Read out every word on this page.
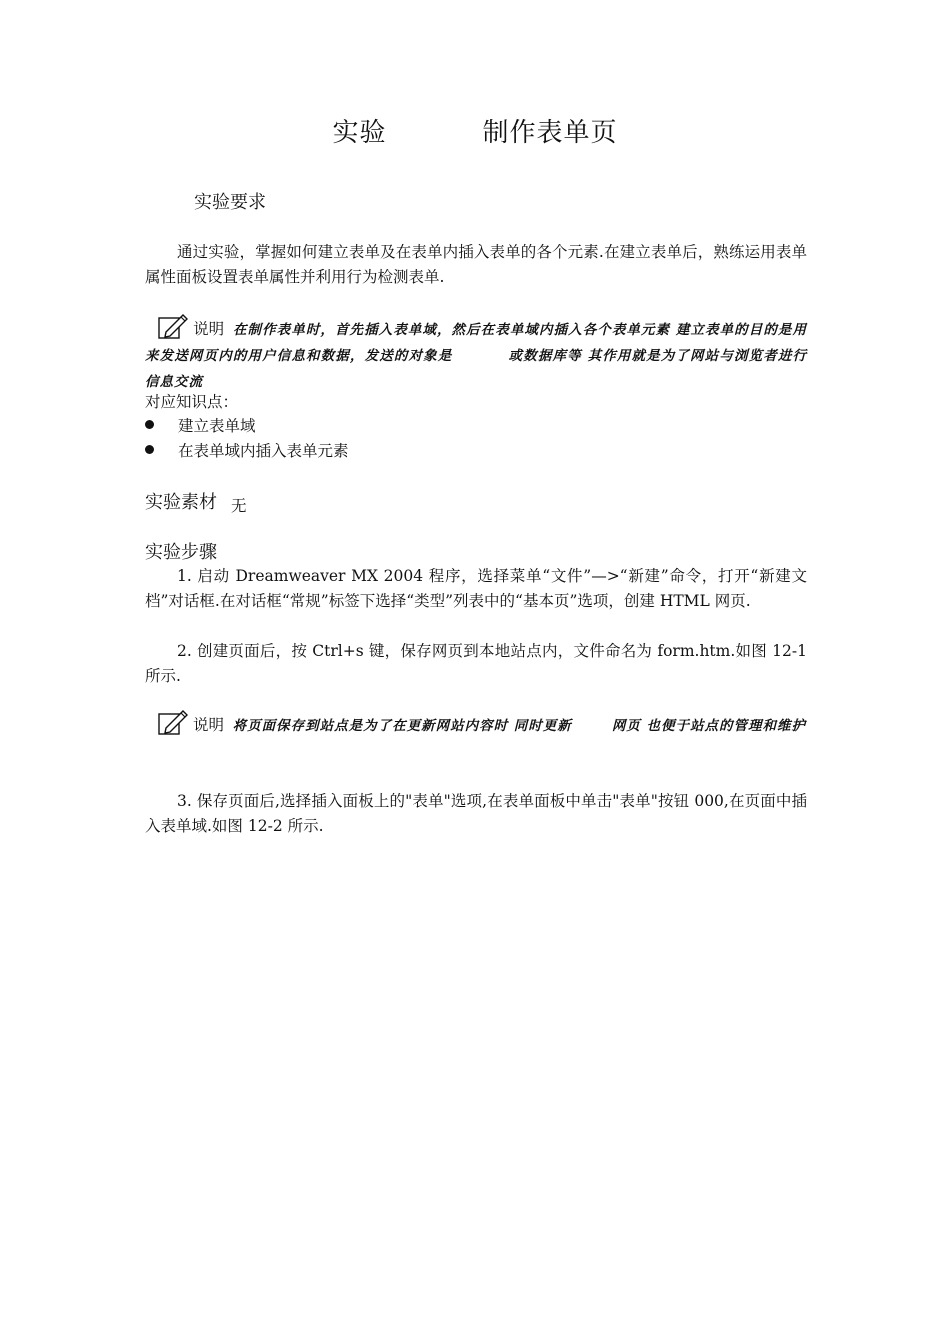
实验	制作表单页
实验要求
通过实验，掌握如何建立表单及在表单内插入表单的各个元素.在建立表单后，熟练运用表单属性面板设置表单属性并利用行为检测表单.
说明 在制作表单时，首先插入表单域，然后在表单域内插入各个表单元素 建立表单的目的是用来发送网页内的用户信息和数据，发送的对象是	或数据库等 其作用就是为了网站与浏览者进行信息交流
对应知识点：
建立表单域
在表单域内插入表单元素
实验素材 无
实验步骤
1. 启动 Dreamweaver MX 2004 程序，选择菜单“文件”—>“新建”命令，打开“新建文档”对话框.在对话框“常规”标签下选择“类型”列表中的“基本页”选项，创建 HTML 网页.
2. 创建页面后，按 Ctrl+s 键，保存网页到本地站点内，文件命名为 form.htm.如图 12-1 所示.
说明 将页面保存到站点是为了在更新网站内容时 同时更新	网页 也便于站点的管理和维护
3. 保存页面后,选择插入面板上的"表单"选项,在表单面板中单击"表单"按钮 000,在页面中插入表单域.如图 12-2 所示.
